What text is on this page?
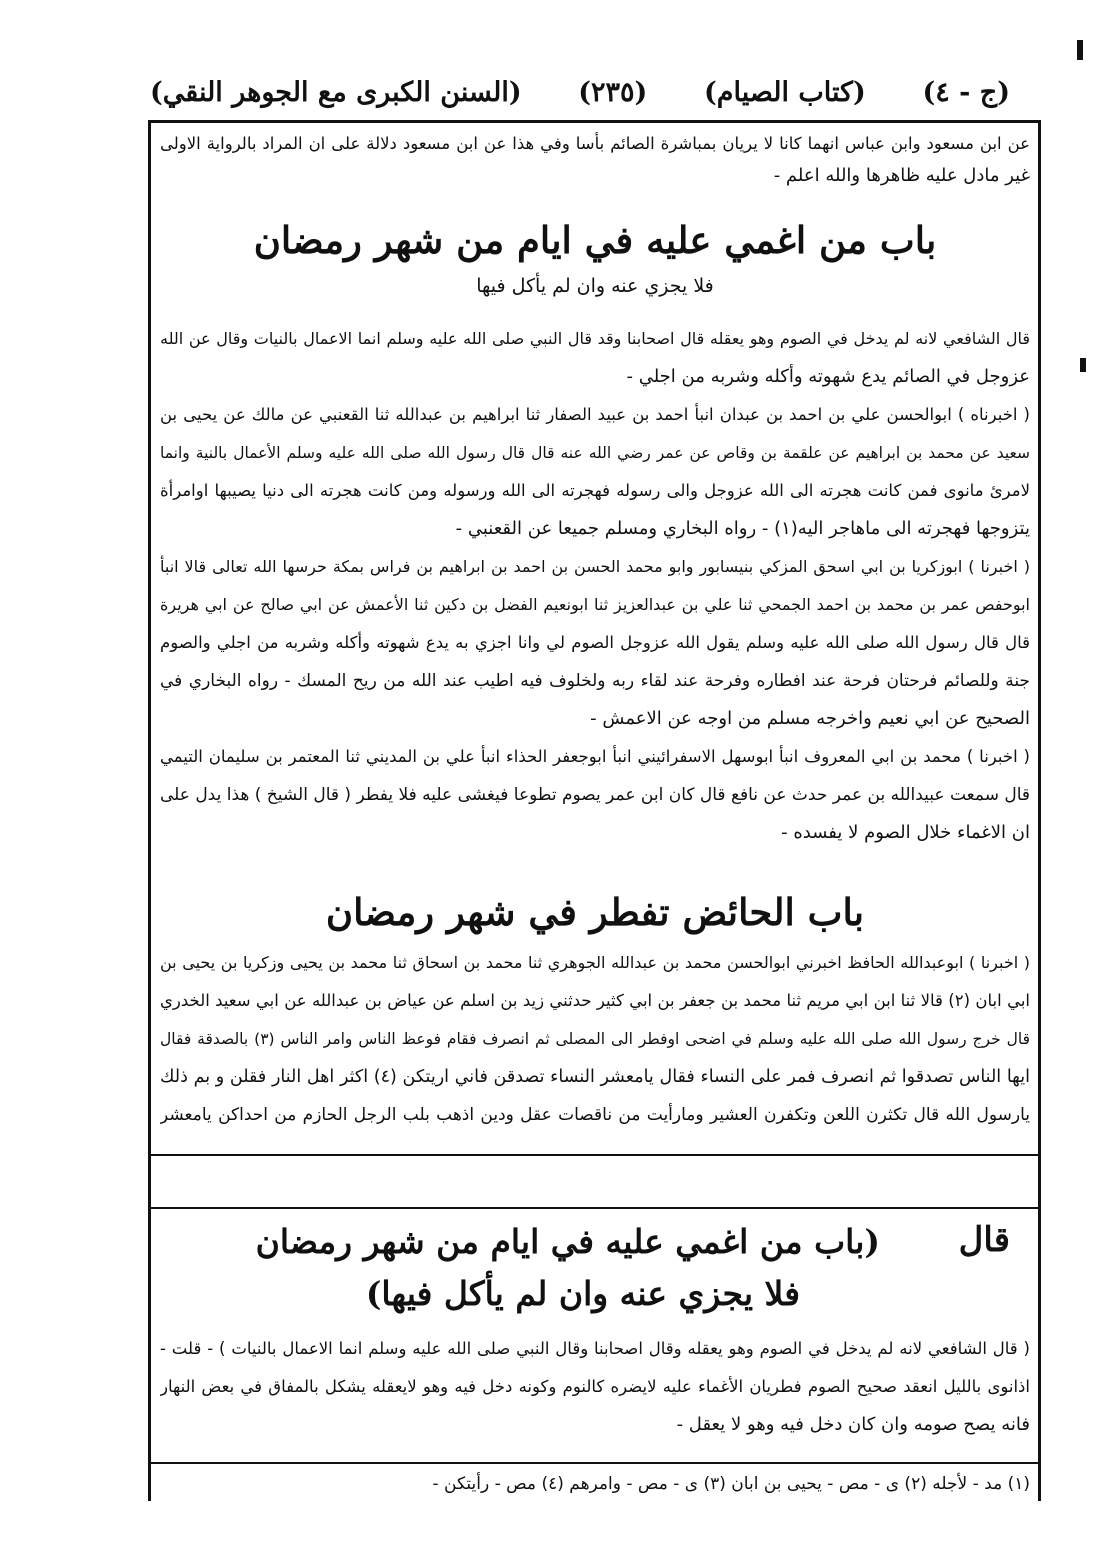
(السنن الكبرى مع الجوهر النقي) (٢٣٥) (كتاب الصيام) (ج - ٤)
عن ابن مسعود وابن عباس انهما كانا لا يريان بمباشرة الصائم بأسا وفي هذا عن ابن مسعود دلالة على ان المراد بالرواية الاولى
غير مادل عليه ظاهرها والله اعلم -
باب من اغمي عليه في ايام من شهر رمضان
فلا يجزي عنه وان لم يأكل فيها
قال الشافعي لانه لم يدخل في الصوم وهو يعقله قال اصحابنا وقد قال النبي صلى الله عليه وسلم انما الاعمال بالنيات وقال عن الله
عزوجل في الصائم يدع شهوته وأكله وشربه من اجلي -
( اخبرناه ) ابوالحسن علي بن احمد بن عبدان انبأ احمد بن عبيد الصفار ثنا ابراهيم بن عبدالله ثنا القعنبي عن مالك عن يحيى بن
سعيد عن محمد بن ابراهيم عن علقمة بن وقاص عن عمر رضي الله عنه قال قال رسول الله صلى الله عليه وسلم الأعمال بالنية وانما
لامرئ مانوى فمن كانت هجرته الى الله عزوجل والى رسوله فهجرته الى الله ورسوله ومن كانت هجرته الى دنيا يصيبها اوامرأة
يتزوجها فهجرته الى ماهاجر اليه(١) - رواه البخاري ومسلم جميعا عن القعنبي -
( اخبرنا ) ابوزكريا بن ابي اسحق المزكي بنيسابور وابو محمد الحسن بن احمد بن ابراهيم بن فراس بمكة حرسها الله تعالى قالا انبأ
ابوحفص عمر بن محمد بن احمد الجمحي ثنا علي بن عبدالعزيز ثنا ابونعيم الفضل بن دكين ثنا الأعمش عن ابي صالح عن ابي هريرة
قال قال رسول الله صلى الله عليه وسلم يقول الله عزوجل الصوم لي وانا اجزي به يدع شهوته وأكله وشربه من اجلي والصوم
جنة وللصائم فرحتان فرحة عند افطاره وفرحة عند لقاء ربه ولخلوف فيه اطيب عند الله من ريح المسك - رواه البخاري في
الصحيح عن ابي نعيم واخرجه مسلم من اوجه عن الاعمش -
( اخبرنا ) محمد بن ابي المعروف انبأ ابوسهل الاسفرائيني انبأ ابوجعفر الحذاء انبأ علي بن المديني ثنا المعتمر بن سليمان التيمي
قال سمعت عبيدالله بن عمر حدث عن نافع قال كان ابن عمر يصوم تطوعا فيغشى عليه فلا يفطر ( قال الشيخ ) هذا يدل على
ان الاغماء خلال الصوم لا يفسده -
باب الحائض تفطر في شهر رمضان
( اخبرنا ) ابوعبدالله الحافظ اخبرني ابوالحسن محمد بن عبدالله الجوهري ثنا محمد بن اسحاق ثنا محمد بن يحيى وزكريا بن يحيى بن
ابي ابان (٢) قالا ثنا ابن ابي مريم ثنا محمد بن جعفر بن ابي كثير حدثني زيد بن اسلم عن عياض بن عبدالله عن ابي سعيد الخدري
قال خرج رسول الله صلى الله عليه وسلم في اضحى اوفطر الى المصلى ثم انصرف فقام فوعظ الناس وامر الناس (٣) بالصدقة فقال
ايها الناس تصدقوا ثم انصرف فمر على النساء فقال يامعشر النساء تصدقن فاني اريتكن (٤) اكثر اهل النار فقلن و بم ذلك
يارسول الله قال تكثرن اللعن وتكفرن العشير ومارأيت من ناقصات عقل ودين اذهب بلب الرجل الحازم من احداكن يامعشر
قال
(باب من اغمي عليه في ايام من شهر رمضان
فلا يجزي عنه وان لم يأكل فيها)
( قال الشافعي لانه لم يدخل في الصوم وهو يعقله وقال اصحابنا وقال النبي صلى الله عليه وسلم انما الاعمال بالنيات ) - قلت -
اذانوى بالليل انعقد صحيح الصوم فطريان الأغماء عليه لايضره كالنوم وكونه دخل فيه وهو لايعقله يشكل بالمفاق في بعض النهار
فانه يصح صومه وان كان دخل فيه وهو لا يعقل -
(١) مد - لأجله (٢) ى - مص - يحيى بن ابان (٣) ى - مص - وامرهم (٤) مص - رأيتكن -
